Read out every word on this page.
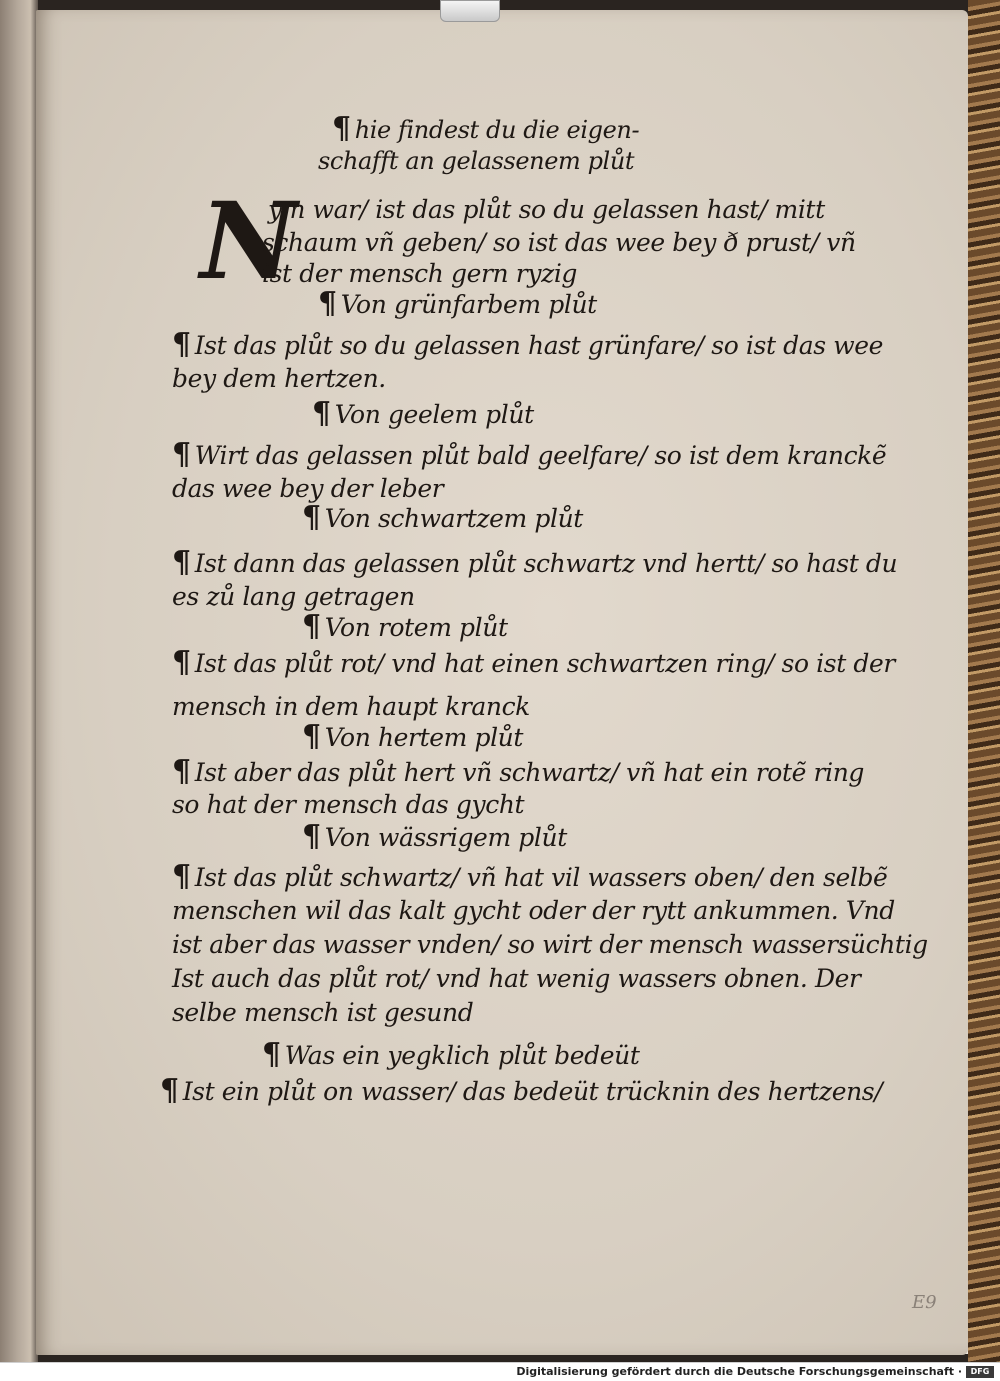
N
¶ hie findest du die eigen-
schafft an gelassenem plůt
ym war/ ist das plůt so du gelassen hast/ mitt
schaum vñ geben/ so ist das wee bey ð prust/ vñ
ist der mensch gern ryzig
¶ Von grünfarbem plůt
¶ Ist das plůt so du gelassen hast grünfare/ so ist das wee
bey dem hertzen.
¶ Von geelem plůt
¶ Wirt das gelassen plůt bald geelfare/ so ist dem kranckẽ
das wee bey der leber
¶ Von schwartzem plůt
¶ Ist dann das gelassen plůt schwartz vnd hertt/ so hast du
es zů lang getragen
¶ Von rotem plůt
¶ Ist das plůt rot/ vnd hat einen schwartzen ring/ so ist der
mensch in dem haupt kranck
¶ Von hertem plůt
¶ Ist aber das plůt hert vñ schwartz/ vñ hat ein rotẽ ring
so hat der mensch das gycht
¶ Von wässrigem plůt
¶ Ist das plůt schwartz/ vñ hat vil wassers oben/ den selbẽ
menschen wil das kalt gycht oder der rytt ankummen. Vnd
ist aber das wasser vnden/ so wirt der mensch wassersüchtig
Ist auch das plůt rot/ vnd hat wenig wassers obnen. Der
selbe mensch ist gesund
¶ Was ein yegklich plůt bedeüt
¶ Ist ein plůt on wasser/ das bedeüt trücknin des hertzens/
E9
Digitalisierung gefördert durch die Deutsche Forschungsgemeinschaft ·	DFG
